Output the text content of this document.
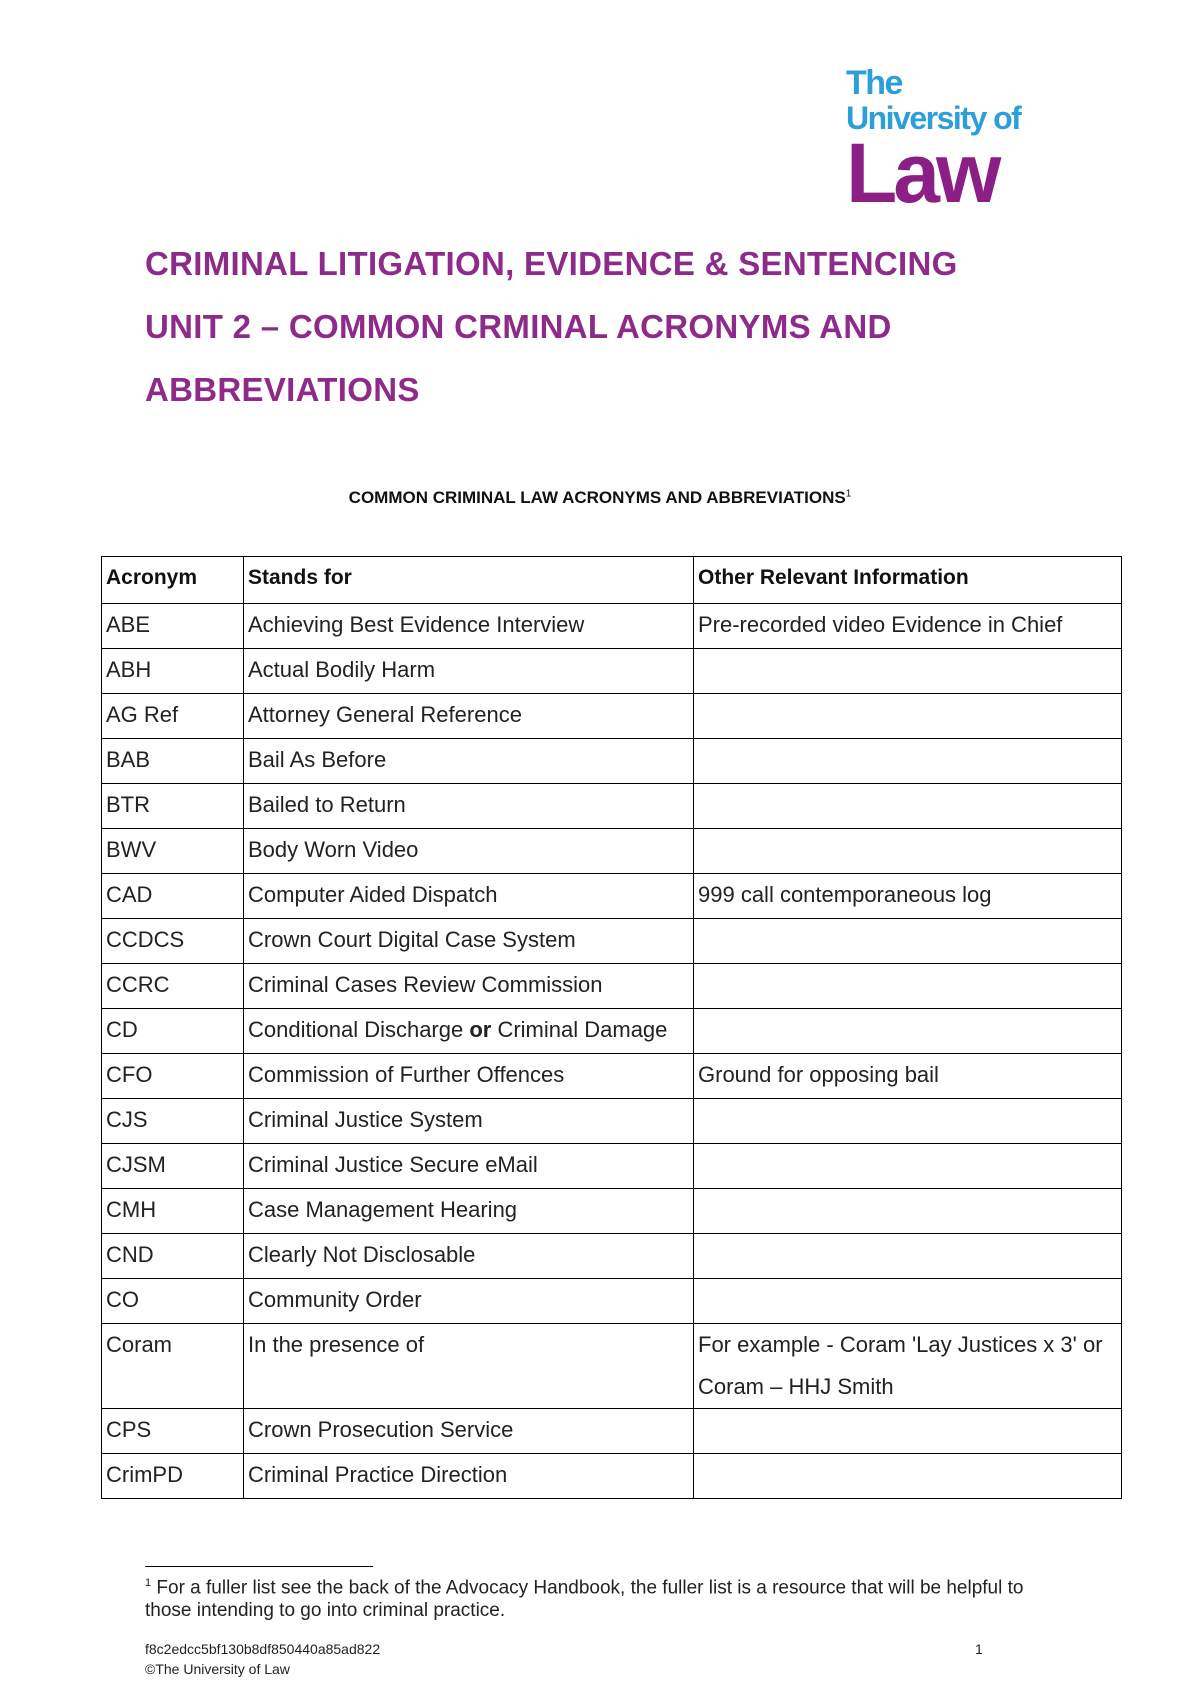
The
University of
Law
CRIMINAL LITIGATION, EVIDENCE & SENTENCING
UNIT 2 – COMMON CRMINAL ACRONYMS AND
ABBREVIATIONS
COMMON CRIMINAL LAW ACRONYMS AND ABBREVIATIONS$^1$
Acronym	Stands for	Other Relevant Information
ABE	Achieving Best Evidence Interview	Pre-recorded video Evidence in Chief
ABH	Actual Bodily Harm	
AG Ref	Attorney General Reference	
BAB	Bail As Before	
BTR	Bailed to Return	
BWV	Body Worn Video	
CAD	Computer Aided Dispatch	999 call contemporaneous log
CCDCS	Crown Court Digital Case System	
CCRC	Criminal Cases Review Commission	
CD	Conditional Discharge or Criminal Damage	
CFO	Commission of Further Offences	Ground for opposing bail
CJS	Criminal Justice System	
CJSM	Criminal Justice Secure eMail	
CMH	Case Management Hearing	
CND	Clearly Not Disclosable	
CO	Community Order	
Coram	In the presence of	For example - Coram 'Lay Justices x 3' or Coram – HHJ Smith
CPS	Crown Prosecution Service	
CrimPD	Criminal Practice Direction	
$^1$ For a fuller list see the back of the Advocacy Handbook, the fuller list is a resource that will be helpful to those intending to go into criminal practice.
f8c2edcc5bf130b8df850440a85ad822
©The University of Law
1
